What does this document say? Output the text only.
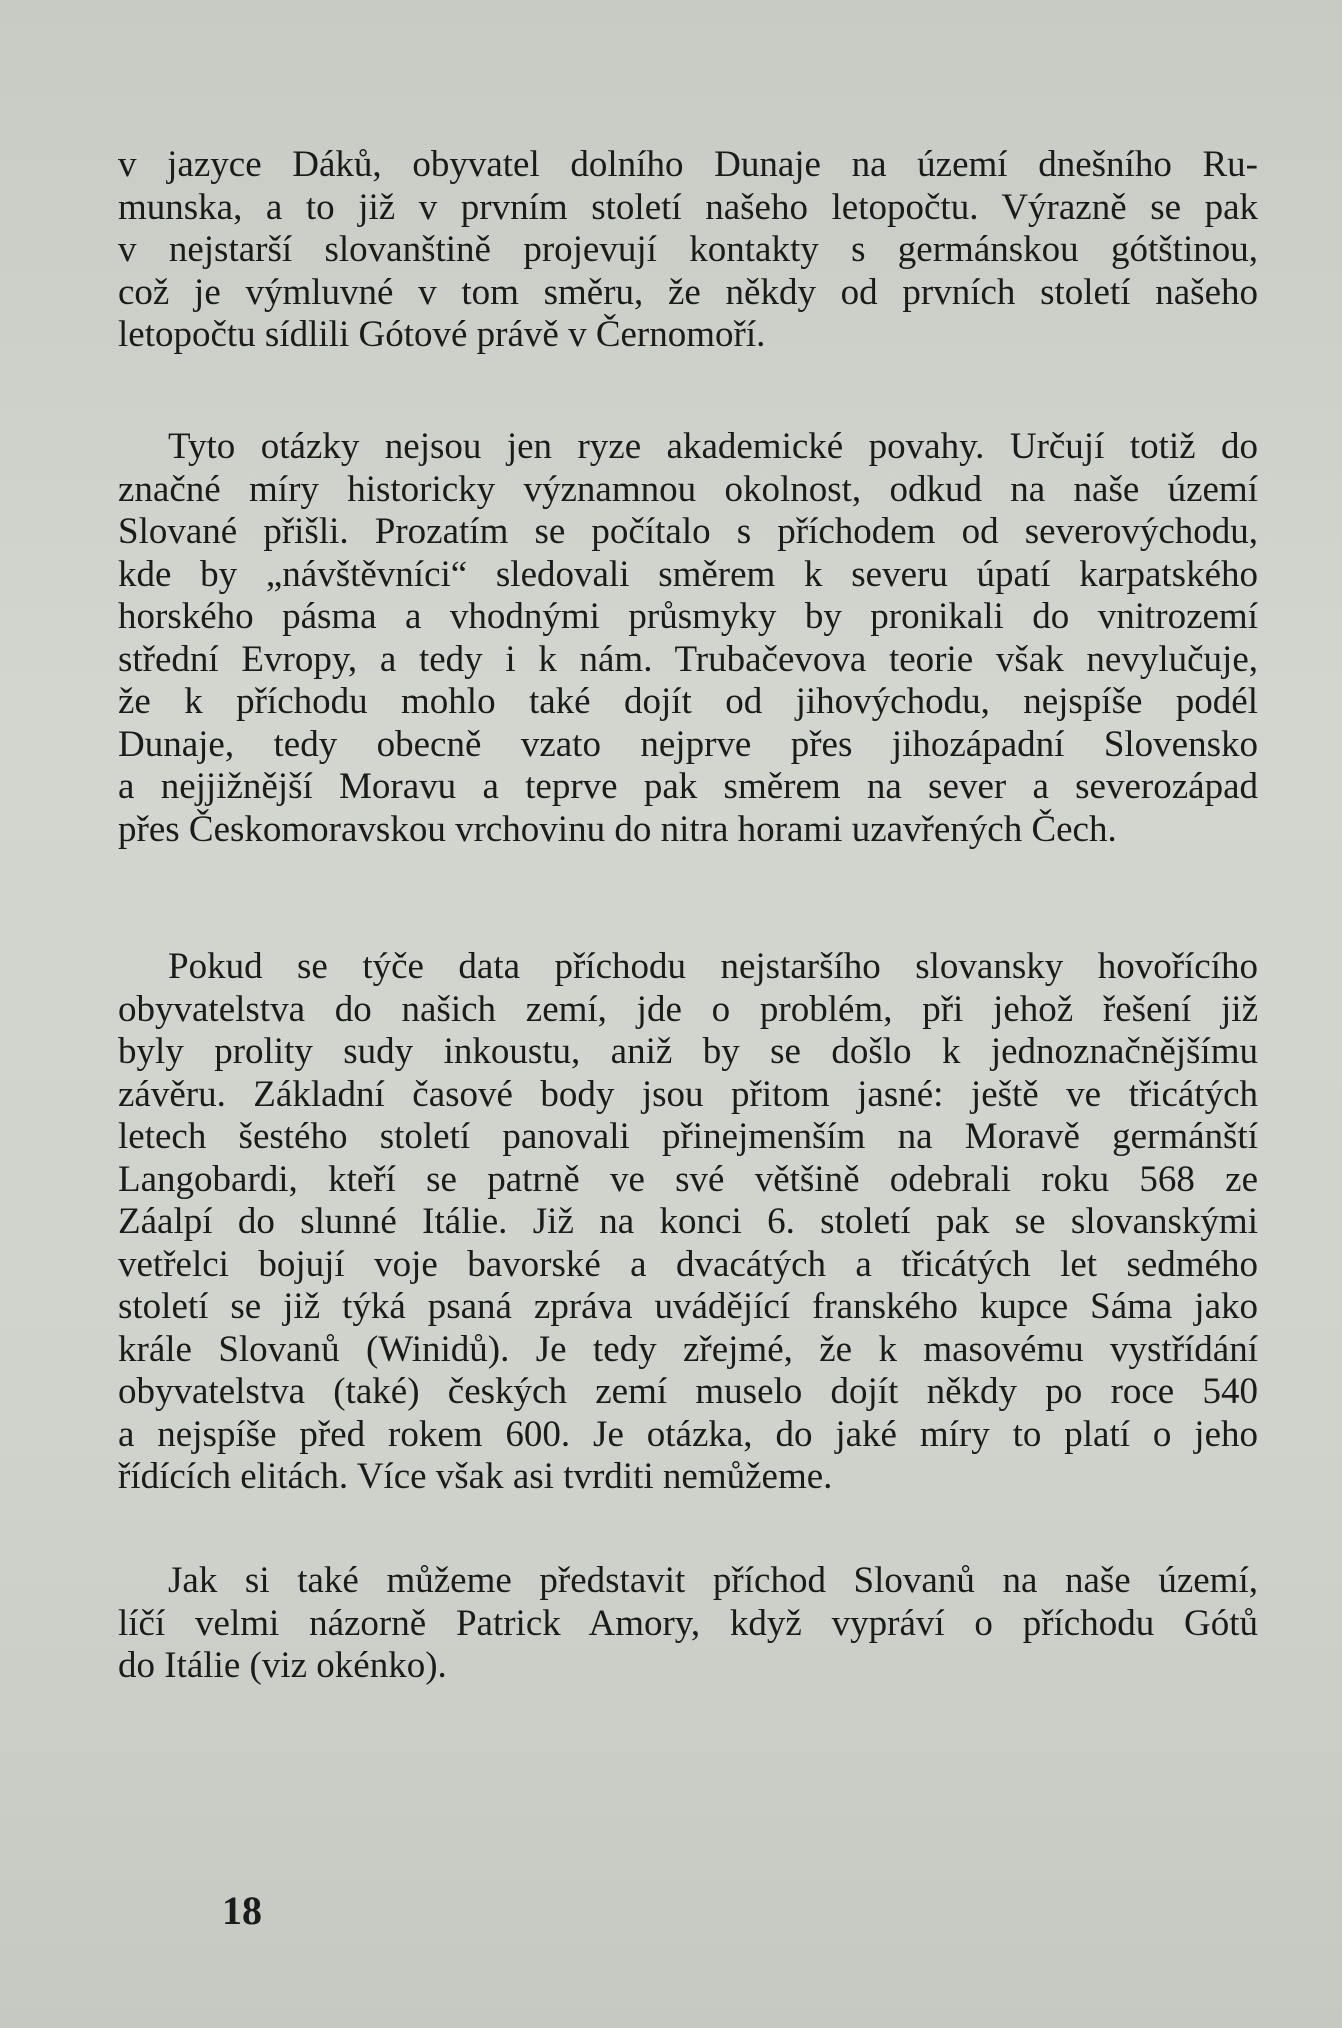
v jazyce Dáků, obyvatel dolního Dunaje na území dnešního Ru-
munska, a to již v prvním století našeho letopočtu. Výrazně se pak
v nejstarší slovanštině projevují kontakty s germánskou gótštinou,
což je výmluvné v tom směru, že někdy od prvních století našeho
letopočtu sídlili Gótové právě v Černomoří.
Tyto otázky nejsou jen ryze akademické povahy. Určují totiž do
značné míry historicky významnou okolnost, odkud na naše území
Slované přišli. Prozatím se počítalo s příchodem od severovýchodu,
kde by „návštěvníci“ sledovali směrem k severu úpatí karpatského
horského pásma a vhodnými průsmyky by pronikali do vnitrozemí
střední Evropy, a tedy i k nám. Trubačevova teorie však nevylučuje,
že k příchodu mohlo také dojít od jihovýchodu, nejspíše podél
Dunaje, tedy obecně vzato nejprve přes jihozápadní Slovensko
a nejjižnější Moravu a teprve pak směrem na sever a severozápad
přes Českomoravskou vrchovinu do nitra horami uzavřených Čech.
Pokud se týče data příchodu nejstaršího slovansky hovořícího
obyvatelstva do našich zemí, jde o problém, při jehož řešení již
byly prolity sudy inkoustu, aniž by se došlo k jednoznačnějšímu
závěru. Základní časové body jsou přitom jasné: ještě ve třicátých
letech šestého století panovali přinejmenším na Moravě germánští
Langobardi, kteří se patrně ve své většině odebrali roku 568 ze
Záalpí do slunné Itálie. Již na konci 6. století pak se slovanskými
vetřelci bojují voje bavorské a dvacátých a třicátých let sedmého
století se již týká psaná zpráva uvádějící franského kupce Sáma jako
krále Slovanů (Winidů). Je tedy zřejmé, že k masovému vystřídání
obyvatelstva (také) českých zemí muselo dojít někdy po roce 540
a nejspíše před rokem 600. Je otázka, do jaké míry to platí o jeho
řídících elitách. Více však asi tvrditi nemůžeme.
Jak si také můžeme představit příchod Slovanů na naše území,
líčí velmi názorně Patrick Amory, když vypráví o příchodu Gótů
do Itálie (viz okénko).
18
